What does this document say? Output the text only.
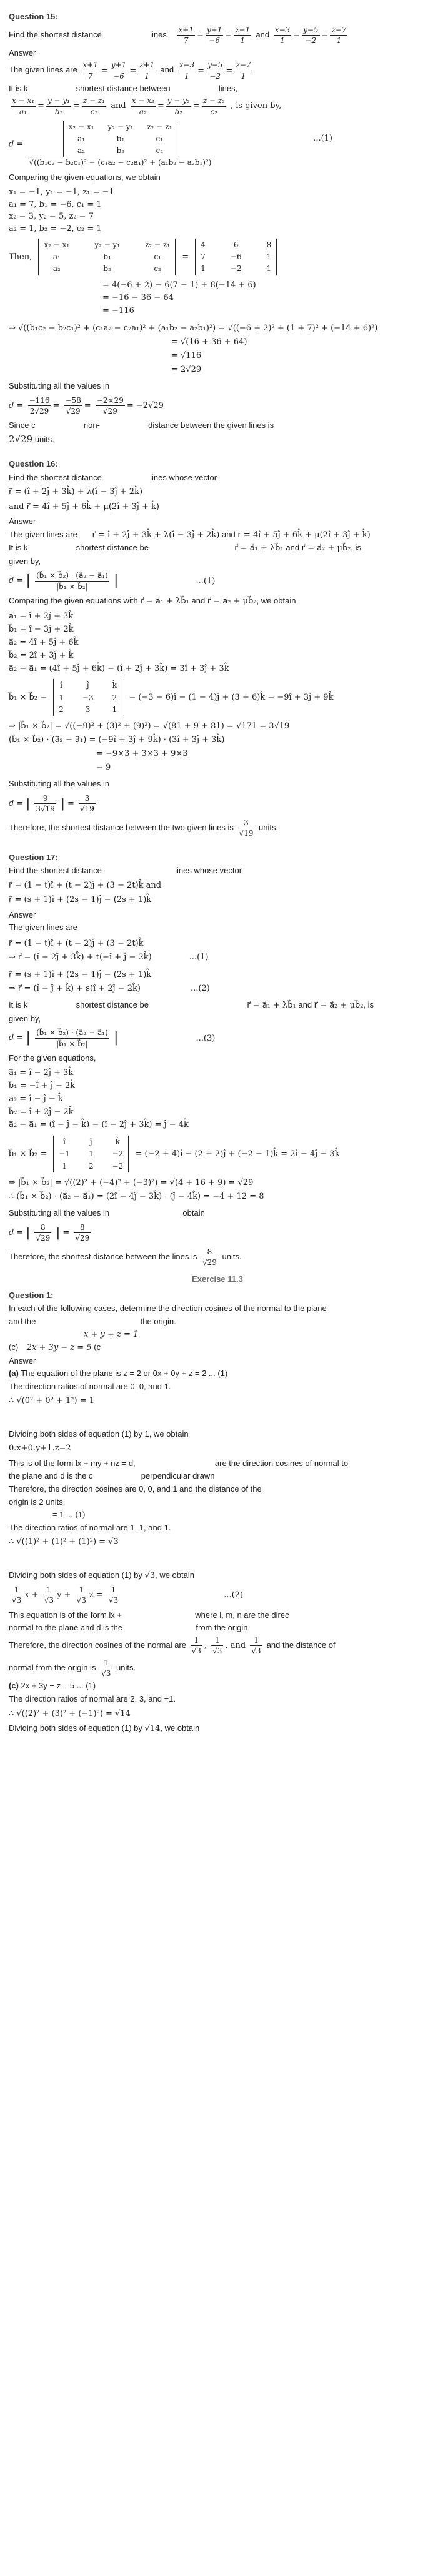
Question 15:
Find the shortest distance	lines $\frac{x+1}{7} = \frac{y+1}{-6} = \frac{z+1}{1}$ and $\frac{x-3}{1} = \frac{y-5}{-2} = \frac{z-7}{1}$
Answer
The given lines are $\frac{x+1}{7} = \frac{y+1}{-6} = \frac{z+1}{1}$ and $\frac{x-3}{1} = \frac{y-5}{-2} = \frac{z-7}{1}$
It is k	shortest distance between	lines,
$\frac{\text{x − x₁}}{\text{a₁}} = \frac{\text{y − y₁}}{\text{b₁}} = \frac{\text{z − z₁}}{\text{c₁}}$ and $\frac{\text{x − x₂}}{\text{a₂}} = \frac{\text{y − y₂}}{\text{b₂}} = \frac{\text{z − z₂}}{\text{c₂}}$ , is given by,
d = x₂ − x₁ y₂ − y₁ z₂ − z₁
a₁	b₁	c₁
a₂	b₂	c₂
√((b₁c₂ − b₂c₁)² + (c₁a₂ − c₂a₁)² + (a₁b₂ − a₂b₁)²)	...(1)
Comparing the given equations, we obtain
x₁ = −1, y₁ = −1, z₁ = −1
a₁ = 7, b₁ = −6, c₁ = 1
x₂ = 3, y₂ = 5, z₂ = 7
a₂ = 1, b₂ = −2, c₂ = 1
Then,
x₂ − x₁	y₂ − y₁	z₂ − z₁
a₁	b₁	c₁
a₂	b₂	c₂
=
4	6	8
7	−6	1
1	−2	1
= 4(−6 + 2) − 6(7 − 1) + 8(−14 + 6)
= −16 − 36 − 64
= −116
⇒ √((b₁c₂ − b₂c₁)² + (c₁a₂ − c₂a₁)² + (a₁b₂ − a₂b₁)²) = √((−6 + 2)² + (1 + 7)² + (−14 + 6)²)
= √(16 + 36 + 64)
= √116
= 2√29
Substituting all the values in
$d = \frac{-116}{2√29} = \frac{-58}{√29} = \frac{-2\times 29}{√29} = -2√29$
Since c	non-	distance between the given lines is
2√29 units.
Question 16:
Find the shortest distance	lines whose vector
r⃗ = (î + 2ĵ + 3k̂) + λ(î − 3ĵ + 2k̂)
and r⃗ = 4î + 5ĵ + 6k̂ + μ(2î + 3ĵ + k̂)
Answer
The given lines are r⃗ = î + 2ĵ + 3k̂ + λ(î − 3ĵ + 2k̂) and r⃗ = 4î + 5ĵ + 6k̂ + μ(2î + 3ĵ + k̂)
It is k	shortest distance be	r⃗ = a⃗₁ + λb⃗₁ and r⃗ = a⃗₂ + μb⃗₂, is
given by,
d = | $\frac{\text{(b⃗₁ × b⃗₂) · (a⃗₂ − a⃗₁)}}{\text{|b⃗₁ × b⃗₂|}}$ |	...(1)
Comparing the given equations with r⃗ = a⃗₁ + λb⃗₁ and r⃗ = a⃗₂ + μb⃗₂, we obtain
a⃗₁ = î + 2ĵ + 3k̂
b⃗₁ = î − 3ĵ + 2k̂
a⃗₂ = 4î + 5ĵ + 6k̂
b⃗₂ = 2î + 3ĵ + k̂
a⃗₂ − a⃗₁ = (4î + 5ĵ + 6k̂) − (î + 2ĵ + 3k̂) = 3î + 3ĵ + 3k̂
b⃗₁ × b⃗₂ =
î	ĵ	k̂
1	−3	2
2	3	1
= (−3 − 6)î − (1 − 4)ĵ + (3 + 6)k̂ = −9î + 3ĵ + 9k̂
⇒ |b⃗₁ × b⃗₂| = √((−9)² + (3)² + (9)²) = √(81 + 9 + 81) = √171 = 3√19
(b⃗₁ × b⃗₂) · (a⃗₂ − a⃗₁) = (−9î + 3ĵ + 9k̂) · (3î + 3ĵ + 3k̂)
= −9×3 + 3×3 + 9×3
= 9
Substituting all the values in
d = | $\frac{9}{3√19}$ | = $\frac{3}{√19}$
Therefore, the shortest distance between the two given lines is $\frac{3}{√19}$ units.
Question 17:
Find the shortest distance	lines whose vector
r⃗ = (1 − t)î + (t − 2)ĵ + (3 − 2t)k̂ and
r⃗ = (s + 1)î + (2s − 1)ĵ − (2s + 1)k̂
Answer
The given lines are
r⃗ = (1 − t)î + (t − 2)ĵ + (3 − 2t)k̂
⇒ r⃗ = (î − 2ĵ + 3k̂) + t(−î + ĵ − 2k̂)	...(1)
r⃗ = (s + 1)î + (2s − 1)ĵ − (2s + 1)k̂
⇒ r⃗ = (î − ĵ + k̂) + s(î + 2ĵ − 2k̂)	...(2)
It is k	shortest distance be	r⃗ = a⃗₁ + λb⃗₁ and r⃗ = a⃗₂ + μb⃗₂, is
given by,
d = | $\frac{\text{(b⃗₁ × b⃗₂) · (a⃗₂ − a⃗₁)}}{\text{|b⃗₁ × b⃗₂|}}$ |	...(3)
For the given equations,
a⃗₁ = î − 2ĵ + 3k̂
b⃗₁ = −î + ĵ − 2k̂
a⃗₂ = î − ĵ − k̂
b⃗₂ = î + 2ĵ − 2k̂
a⃗₂ − a⃗₁ = (î − ĵ − k̂) − (î − 2ĵ + 3k̂) = ĵ − 4k̂
b⃗₁ × b⃗₂ =
î	ĵ	k̂
−1	1	−2
1	2	−2
= (−2 + 4)î − (2 + 2)ĵ + (−2 − 1)k̂ = 2î − 4ĵ − 3k̂
⇒ |b⃗₁ × b⃗₂| = √((2)² + (−4)² + (−3)²) = √(4 + 16 + 9) = √29
∴ (b⃗₁ × b⃗₂) · (a⃗₂ − a⃗₁) = (2î − 4ĵ − 3k̂) · (ĵ − 4k̂) = −4 + 12 = 8
Substituting all the values in	obtain
d = | $\frac{8}{√29}$ | = $\frac{8}{√29}$
Therefore, the shortest distance between the lines is $\frac{8}{√29}$ units.
Exercise 11.3
Question 1:
In each of the following cases, determine the direction cosines of the normal to the plane
and the	the origin.
x + y + z = 1
(c) 2x + 3y − z = 5 (c
Answer
(a) The equation of the plane is z = 2 or 0x + 0y + z = 2 ... (1)
The direction ratios of normal are 0, 0, and 1.
∴ √(0² + 0² + 1²) = 1
Dividing both sides of equation (1) by 1, we obtain
0.x+0.y+1.z=2
This is of the form lx + my + nz = d,	are the direction cosines of normal to
the plane and d is the c	perpendicular drawn
Therefore, the direction cosines are 0, 0, and 1 and the distance of the
origin is 2 units.
= 1 ... (1)
The direction ratios of normal are 1, 1, and 1.
∴ √((1)² + (1)² + (1)²) = √3
Dividing both sides of equation (1) by √3, we obtain
$\frac{1}{√3}$ $x + \frac{1}{√3}$ $y + \frac{1}{√3}$ $z = \frac{1}{√3}$	...(2)
This equation is of the form lx +	where l, m, n are the direc
normal to the plane and d is the	from the origin.
Therefore, the direction cosines of the normal are $\frac{1}{√3}$ , $\frac{1}{√3}$ , and $\frac{1}{√3}$ and the distance of
normal from the origin is $\frac{1}{√3}$ units.
(c) 2x + 3y − z = 5 ... (1)
The direction ratios of normal are 2, 3, and −1.
∴ √((2)² + (3)² + (−1)²) = √14
Dividing both sides of equation (1) by √14, we obtain
